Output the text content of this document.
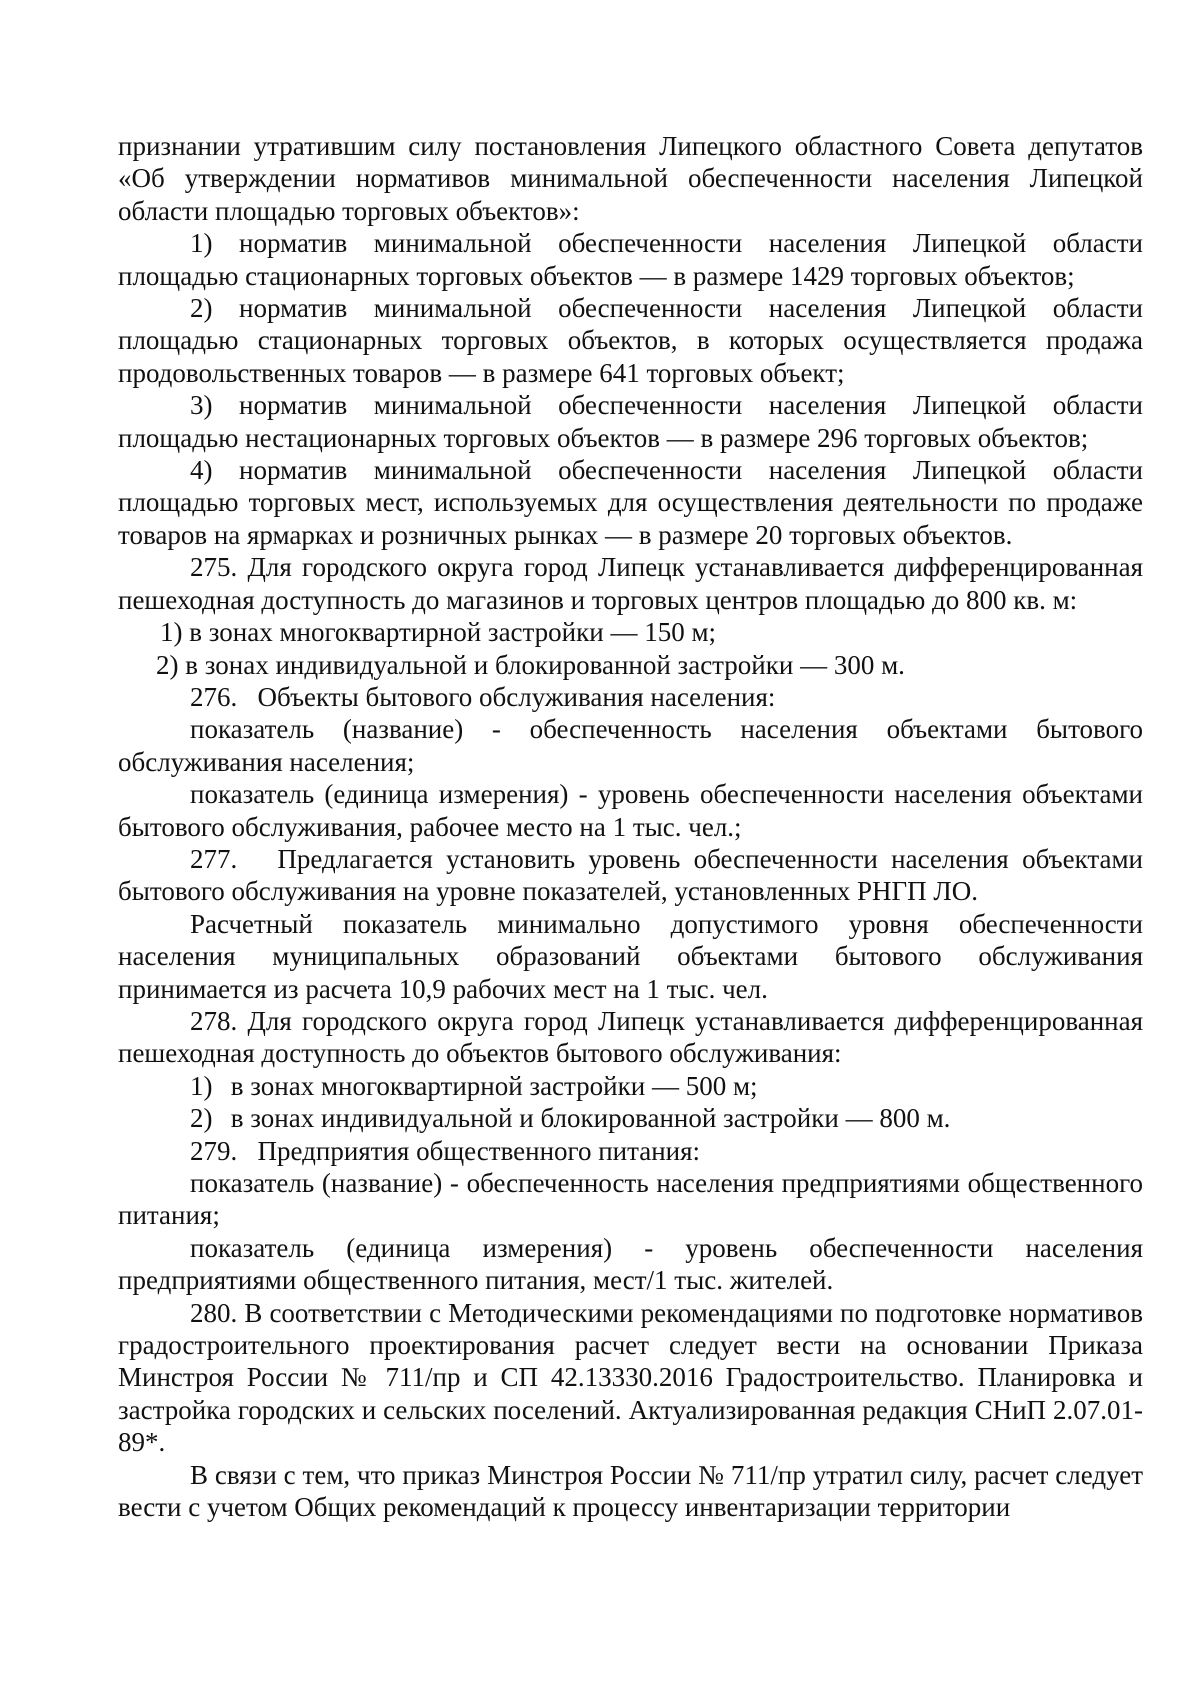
признании утратившим силу постановления Липецкого областного Совета депутатов «Об утверждении нормативов минимальной обеспеченности населения Липецкой области площадью торговых объектов»:

1) норматив минимальной обеспеченности населения Липецкой области площадью стационарных торговых объектов — в размере 1429 торговых объектов;

2) норматив минимальной обеспеченности населения Липецкой области площадью стационарных торговых объектов, в которых осуществляется продажа продовольственных товаров — в размере 641 торговых объект;

3) норматив минимальной обеспеченности населения Липецкой области площадью нестационарных торговых объектов — в размере 296 торговых объектов;

4) норматив минимальной обеспеченности населения Липецкой области площадью торговых мест, используемых для осуществления деятельности по продаже товаров на ярмарках и розничных рынках — в размере 20 торговых объектов.

275. Для городского округа город Липецк устанавливается дифференцированная пешеходная доступность до магазинов и торговых центров площадью до 800 кв. м:

1) в зонах многоквартирной застройки — 150 м;
2) в зонах индивидуальной и блокированной застройки — 300 м.

276.   Объекты бытового обслуживания населения:

показатель (название) - обеспеченность населения объектами бытового обслуживания населения;

показатель (единица измерения) - уровень обеспеченности населения объектами бытового обслуживания, рабочее место на 1 тыс. чел.;

277.   Предлагается установить уровень обеспеченности населения объектами бытового обслуживания на уровне показателей, установленных РНГП ЛО.

Расчетный показатель минимально допустимого уровня обеспеченности населения муниципальных образований объектами бытового обслуживания принимается из расчета 10,9 рабочих мест на 1 тыс. чел.

278. Для городского округа город Липецк устанавливается дифференцированная пешеходная доступность до объектов бытового обслуживания:

1) в зонах многоквартирной застройки — 500 м;
2) в зонах индивидуальной и блокированной застройки — 800 м.

279.   Предприятия общественного питания:

показатель (название) - обеспеченность населения предприятиями общественного питания;

показатель (единица измерения) - уровень обеспеченности населения предприятиями общественного питания, мест/1 тыс. жителей.

280. В соответствии с Методическими рекомендациями по подготовке нормативов градостроительного проектирования расчет следует вести на основании Приказа Минстроя России № 711/пр и СП 42.13330.2016 Градостроительство. Планировка и застройка городских и сельских поселений. Актуализированная редакция СНиП 2.07.01-89*.

В связи с тем, что приказ Минстроя России № 711/пр утратил силу, расчет следует вести с учетом Общих рекомендаций к процессу инвентаризации территории
